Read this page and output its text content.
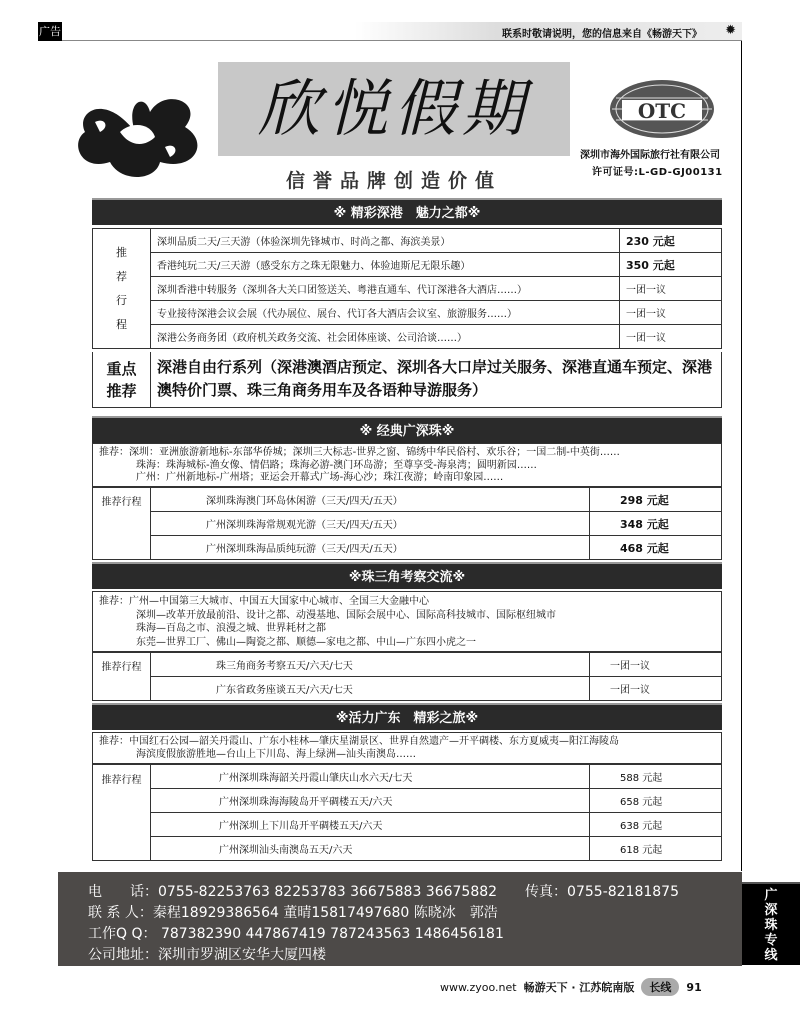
广告	联系时敬请说明，您的信息来自《畅游天下》 ✹
欣悦假期
信誉品牌创造价值
OTC
深圳市海外国际旅行社有限公司
许可证号:L-GD-GJ00131
※ 精彩深港　魅力之都※
推
荐
行
程	深圳品质二天/三天游（体验深圳先锋城市、时尚之都、海滨美景）	230 元起
	香港纯玩二天/三天游（感受东方之珠无限魅力、体验迪斯尼无限乐趣）	350 元起
	深圳香港中转服务（深圳各大关口团签送关、粤港直通车、代订深港各大酒店……）	一团一议
	专业接待深港会议会展（代办展位、展台、代订各大酒店会议室、旅游服务……）	一团一议
	深港公务商务团（政府机关政务交流、社会团体座谈、公司洽谈……）	一团一议
重点推荐
深港自由行系列（深港澳酒店预定、深圳各大口岸过关服务、深港直通车预定、深港澳特价门票、珠三角商务用车及各语种导游服务）
※ 经典广深珠※
推荐：深圳：亚洲旅游新地标-东部华侨城；深圳三大标志-世界之窗、锦绣中华民俗村、欢乐谷；一国二制-中英街……
珠海：珠海城标-渔女像、情侣路；珠海必游-澳门环岛游；至尊享受-海泉湾；圆明新园……
广州：广州新地标-广州塔；亚运会开幕式广场-海心沙；珠江夜游；岭南印象园……
推荐行程	深圳珠海澳门环岛休闲游（三天/四天/五天）	298 元起
	广州深圳珠海常规观光游（三天/四天/五天）	348 元起
	广州深圳珠海品质纯玩游（三天/四天/五天）	468 元起
※珠三角考察交流※
推荐：广州—中国第三大城市、中国五大国家中心城市、全国三大金融中心
深圳—改革开放最前沿、设计之都、动漫基地、国际会展中心、国际高科技城市、国际枢纽城市
珠海—百岛之市、浪漫之城、世界耗材之都
东莞—世界工厂、佛山—陶瓷之都、顺德—家电之都、中山—广东四小虎之一
推荐行程	珠三角商务考察五天/六天/七天	一团一议
	广东省政务座谈五天/六天/七天	一团一议
※活力广东　精彩之旅※
推荐：中国红石公园—韶关丹霞山、广东小桂林—肇庆星湖景区、世界自然遗产—开平碉楼、东方夏威夷—阳江海陵岛
海滨度假旅游胜地—台山上下川岛、海上绿洲—汕头南澳岛……
推荐行程	广州深圳珠海韶关丹霞山肇庆山水六天/七天	588 元起
	广州深圳珠海海陵岛开平碉楼五天/六天	658 元起
	广州深圳上下川岛开平碉楼五天/六天	638 元起
	广州深圳汕头南澳岛五天/六天	618 元起
电　　话：0755-82253763 82253783 36675883 36675882　　传真：0755-82181875
联 系 人：秦程18929386564 董晴15817497680 陈晓冰　郭浩
工作Q Q： 787382390 447867419 787243563 1486456181
公司地址：深圳市罗湖区安华大厦四楼
广深珠专线
www.zyoo.net 畅游天下 · 江苏皖南版 长线 91
